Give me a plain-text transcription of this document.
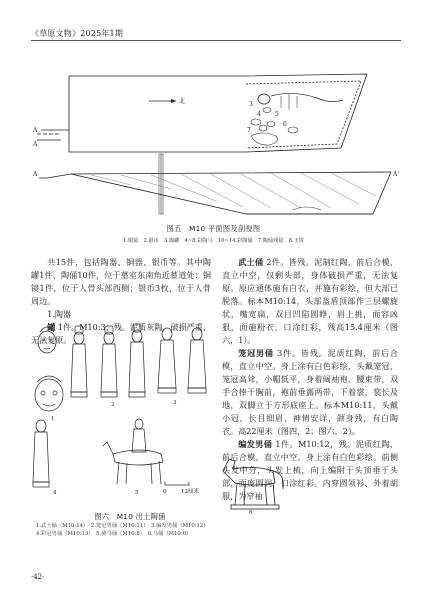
《草原文物》2025年1期
北
A
A
A	A'
3
4 5
6
7
图五　M10 平面图及剖视图
1.铜镜　2.银币　3.陶罐　4~8.彩陶马　10~14.彩陶俑　7.陶俑残镜　8.玉饼

共15件，包括陶器、铜器、银币等。其中陶罐1件、陶俑10件，位于墓室东南角近墓道处；铜镜1件，位于人骨头部西侧；银币3枚，位于人骨周边。

1.陶器

罐 1件。M10:3，残。泥质灰陶，破损严重，无法复原。

1
2	3
4	5	0	12厘米
6
图六　M10 出土陶俑
1.武士俑（M10:14）　2.笼冠男俑（M10:11）　3.编发男俑（M10:12）
4.彩冠男俑（M10:13）　5.骑马俑（M10:8）　6.马俑（M10:6）

武士俑 2件。皆残。泥制红陶，前后合模，直立中空，仅剩头部，身体破损严重，无法复原。原应通体施有白衣，并施有彩绘，但大部已脱落。标本M10:14，头部盔盾顶部作三层螺旋状，嘴宽扁，双目凹陷圆睁，眉上挑，面容凶狠，面施粉衣，口涂红彩，残高15.4厘米（图六，1）。

笼冠男俑 3件。皆残。泥质红陶，前后合模，直立中空。身上涂有白色彩绘，头戴笼冠，笼冠高耸，小帽低平，身着阔袖袍，腰束带，双手合捧于胸前，袍前垂露两带，下着裳，裳长及地，双脚立于方形底座上。标本M10:11，头戴小冠，长目细眉，神情安详，颌身残，有白陶衣。高22厘米（图四，2；图六，2）。

编发男俑 1件。M10:12，残。泥质红陶，前后合模，直立中空。身上涂有白色彩绘。前侧头发中分，头发上梳，向上编附于头顶垂于头部，面庞圆润，口涂红彩。内穿圆领衫、外着胡服，为窄袖

·42·
